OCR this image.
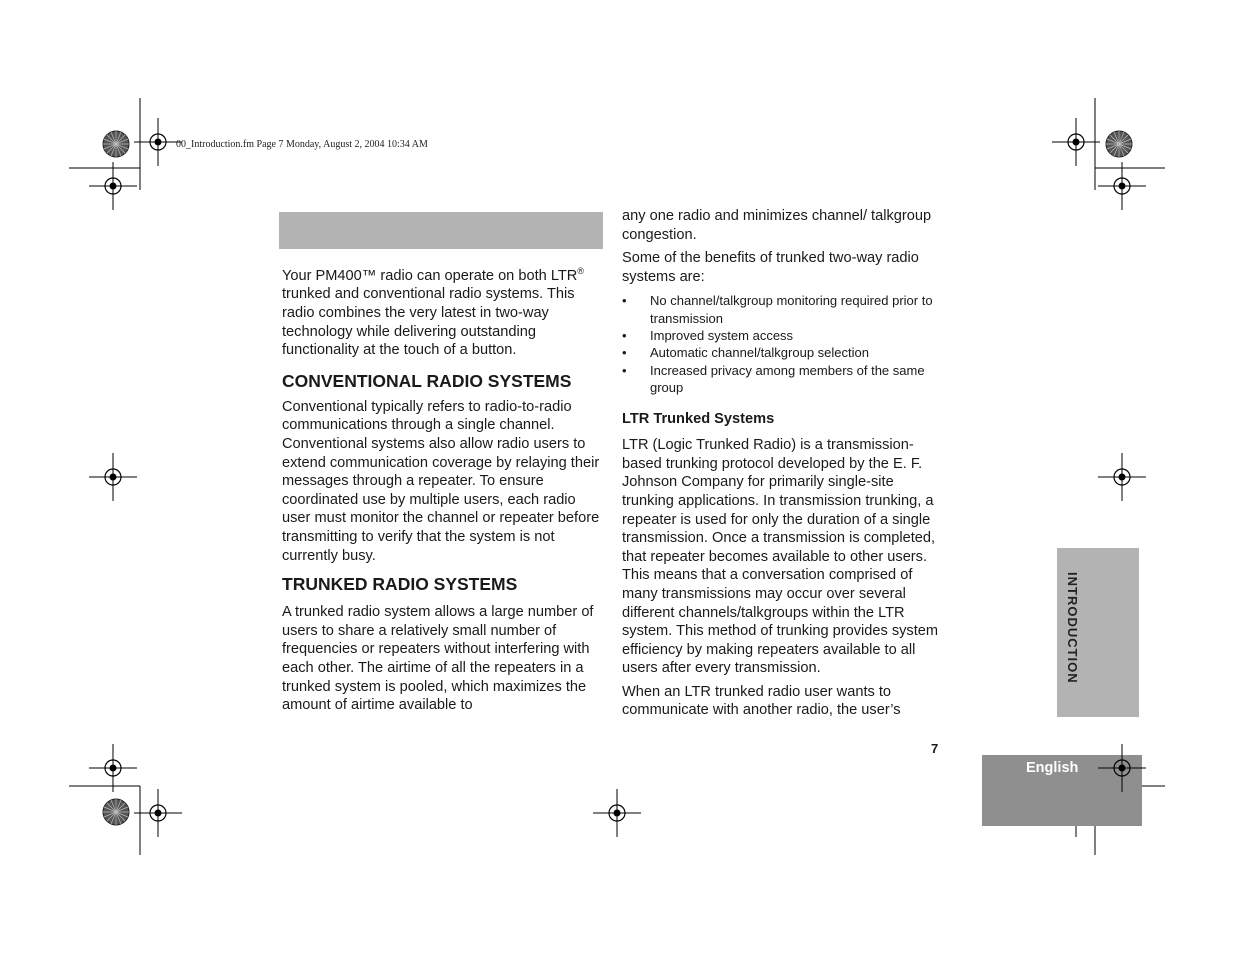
00_Introduction.fm Page 7 Monday, August 2, 2004 10:34 AM

Your PM400™ radio can operate on both LTR® trunked and conventional radio systems. This radio combines the very latest in two-way technology while delivering outstanding functionality at the touch of a button.

CONVENTIONAL RADIO SYSTEMS

Conventional typically refers to radio-to-radio communications through a single channel. Conventional systems also allow radio users to extend communication coverage by relaying their messages through a repeater. To ensure coordinated use by multiple users, each radio user must monitor the channel or repeater before transmitting to verify that the system is not currently busy.

TRUNKED RADIO SYSTEMS

A trunked radio system allows a large number of users to share a relatively small number of frequencies or repeaters without interfering with each other. The airtime of all the repeaters in a trunked system is pooled, which maximizes the amount of airtime available to

any one radio and minimizes channel/ talkgroup congestion.

Some of the benefits of trunked two-way radio systems are:

• No channel/talkgroup monitoring required prior to transmission
• Improved system access
• Automatic channel/talkgroup selection
• Increased privacy among members of the same group
LTR Trunked Systems

LTR (Logic Trunked Radio) is a transmission-based trunking protocol developed by the E. F. Johnson Company for primarily single-site trunking applications. In transmission trunking, a repeater is used for only the duration of a single transmission. Once a transmission is completed, that repeater becomes available to other users. This means that a conversation comprised of many transmissions may occur over several different channels/talkgroups within the LTR system. This method of trunking provides system efficiency by making repeaters available to all users after every transmission.

When an LTR trunked radio user wants to communicate with another radio, the user’s

INTRODUCTION
English
7
